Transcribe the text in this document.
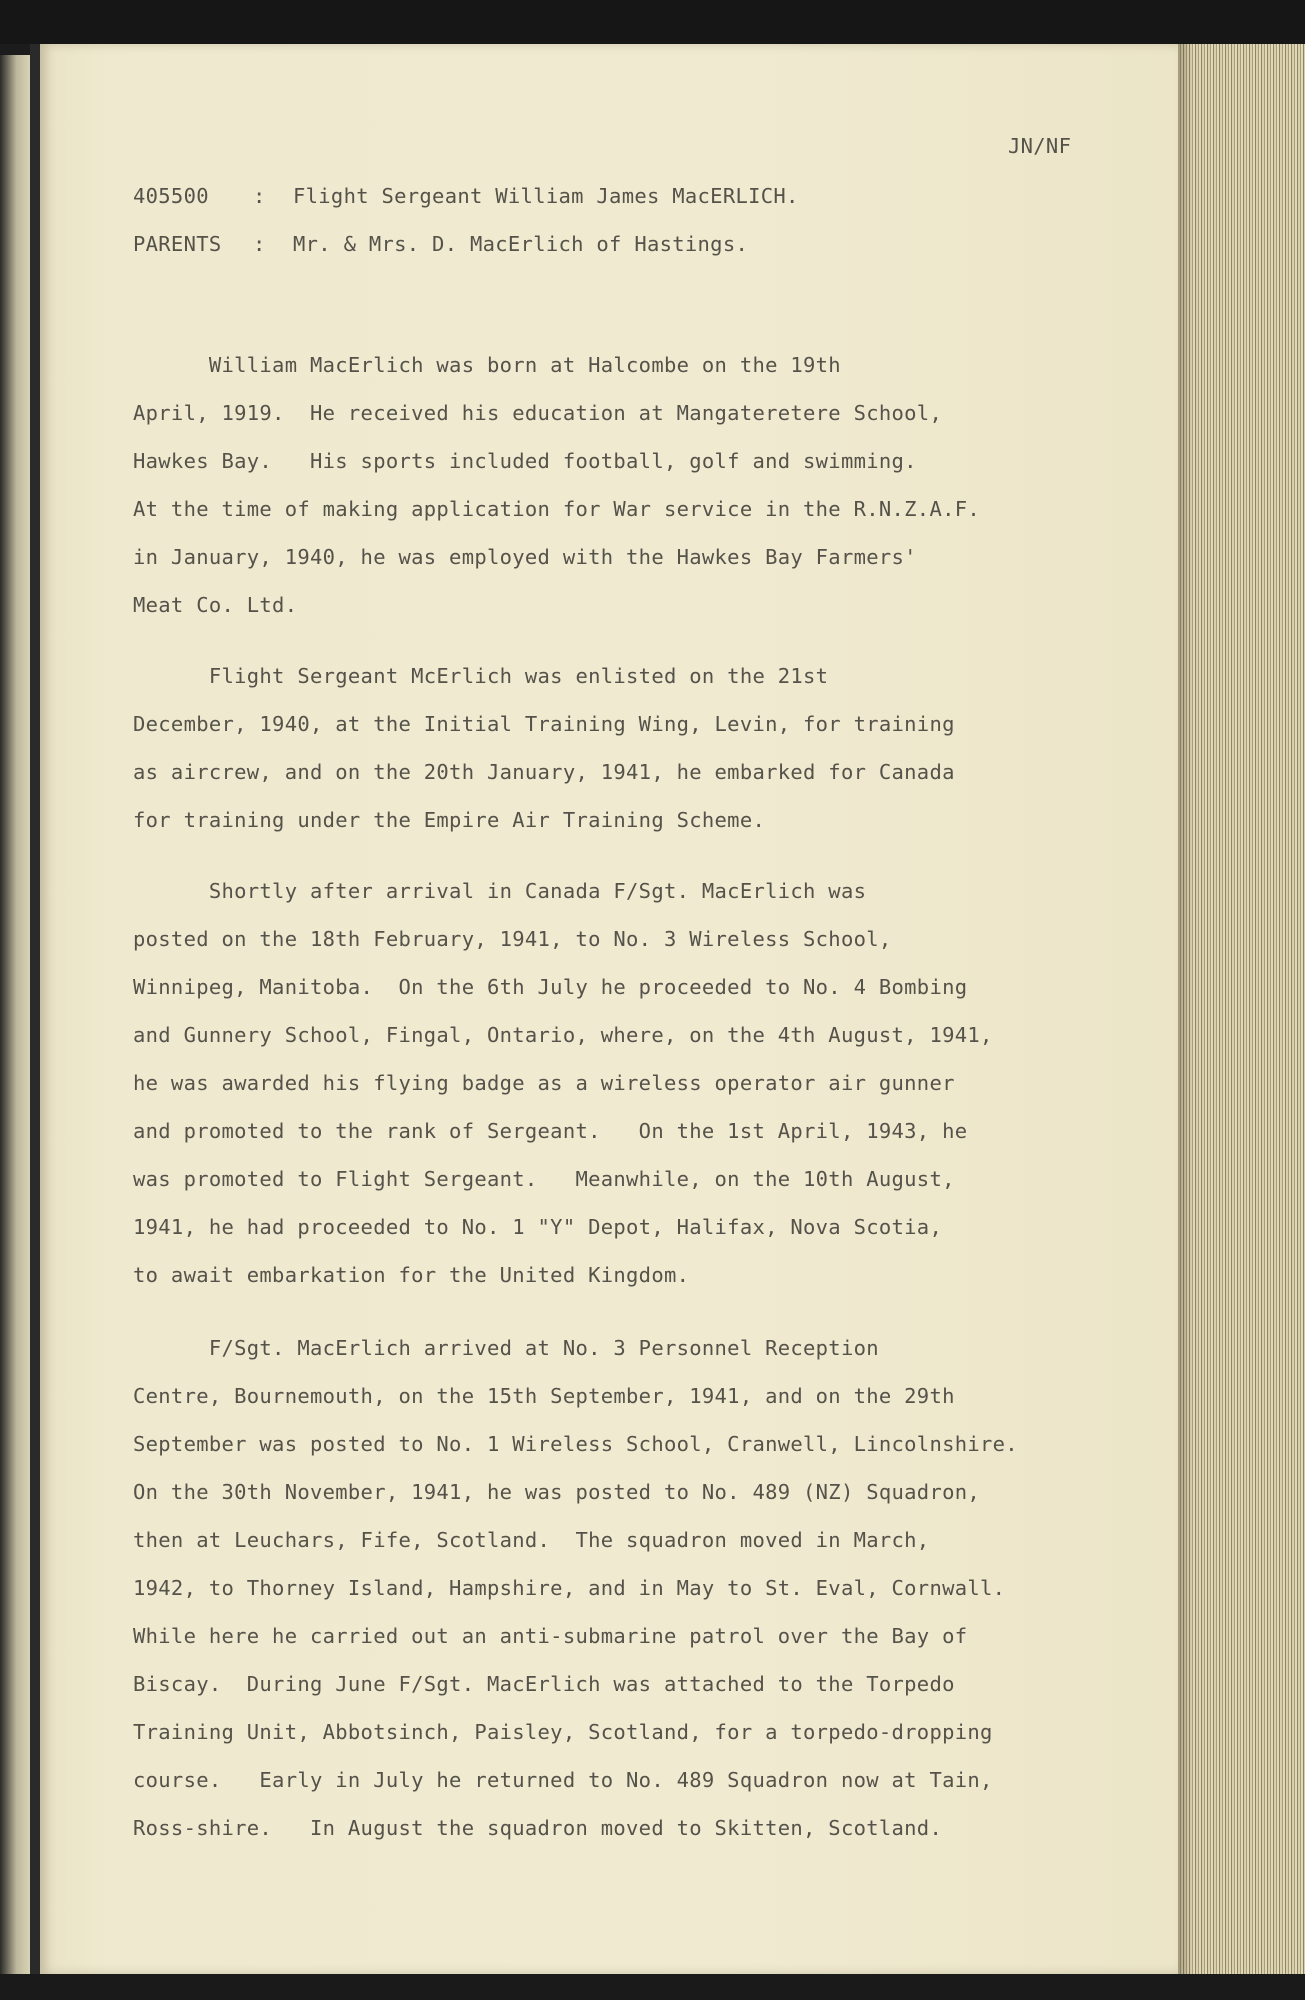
JN/NF

405500 : Flight Sergeant William James MacERLICH.

PARENTS : Mr. & Mrs. D. MacErlich of Hastings.

William MacErlich was born at Halcombe on the 19th

April, 1919.  He received his education at Mangateretere School,

Hawkes Bay.   His sports included football, golf and swimming.

At the time of making application for War service in the R.N.Z.A.F.

in January, 1940, he was employed with the Hawkes Bay Farmers'

Meat Co. Ltd.

Flight Sergeant McErlich was enlisted on the 21st

December, 1940, at the Initial Training Wing, Levin, for training

as aircrew, and on the 20th January, 1941, he embarked for Canada

for training under the Empire Air Training Scheme.

Shortly after arrival in Canada F/Sgt. MacErlich was

posted on the 18th February, 1941, to No. 3 Wireless School,

Winnipeg, Manitoba.  On the 6th July he proceeded to No. 4 Bombing

and Gunnery School, Fingal, Ontario, where, on the 4th August, 1941,

he was awarded his flying badge as a wireless operator air gunner

and promoted to the rank of Sergeant.   On the 1st April, 1943, he

was promoted to Flight Sergeant.   Meanwhile, on the 10th August,

1941, he had proceeded to No. 1 "Y" Depot, Halifax, Nova Scotia,

to await embarkation for the United Kingdom.

F/Sgt. MacErlich arrived at No. 3 Personnel Reception

Centre, Bournemouth, on the 15th September, 1941, and on the 29th

September was posted to No. 1 Wireless School, Cranwell, Lincolnshire.

On the 30th November, 1941, he was posted to No. 489 (NZ) Squadron,

then at Leuchars, Fife, Scotland.  The squadron moved in March,

1942, to Thorney Island, Hampshire, and in May to St. Eval, Cornwall.

While here he carried out an anti-submarine patrol over the Bay of

Biscay.  During June F/Sgt. MacErlich was attached to the Torpedo

Training Unit, Abbotsinch, Paisley, Scotland, for a torpedo-dropping

course.   Early in July he returned to No. 489 Squadron now at Tain,

Ross-shire.   In August the squadron moved to Skitten, Scotland.
